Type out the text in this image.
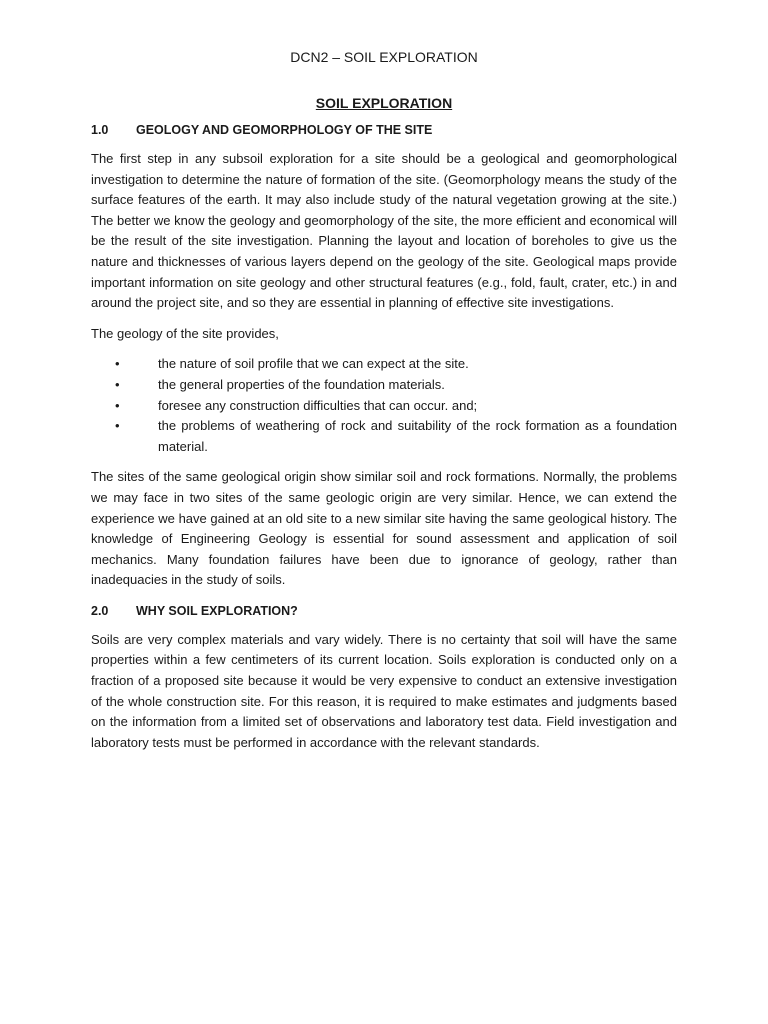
DCN2 – SOIL EXPLORATION
SOIL EXPLORATION
1.0	GEOLOGY AND GEOMORPHOLOGY OF THE SITE

The first step in any subsoil exploration for a site should be a geological and geomorphological investigation to determine the nature of formation of the site. (Geomorphology means the study of the surface features of the earth. It may also include study of the natural vegetation growing at the site.) The better we know the geology and geomorphology of the site, the more efficient and economical will be the result of the site investigation. Planning the layout and location of boreholes to give us the nature and thicknesses of various layers depend on the geology of the site. Geological maps provide important information on site geology and other structural features (e.g., fold, fault, crater, etc.) in and around the project site, and so they are essential in planning of effective site investigations.

The geology of the site provides,

•	the nature of soil profile that we can expect at the site.
•	the general properties of the foundation materials.
•	foresee any construction difficulties that can occur. and;
•	the problems of weathering of rock and suitability of the rock formation as a foundation material.

The sites of the same geological origin show similar soil and rock formations. Normally, the problems we may face in two sites of the same geologic origin are very similar. Hence, we can extend the experience we have gained at an old site to a new similar site having the same geological history. The knowledge of Engineering Geology is essential for sound assessment and application of soil mechanics. Many foundation failures have been due to ignorance of geology, rather than inadequacies in the study of soils.

2.0	WHY SOIL EXPLORATION?

Soils are very complex materials and vary widely. There is no certainty that soil will have the same properties within a few centimeters of its current location. Soils exploration is conducted only on a fraction of a proposed site because it would be very expensive to conduct an extensive investigation of the whole construction site. For this reason, it is required to make estimates and judgments based on the information from a limited set of observations and laboratory test data. Field investigation and laboratory tests must be performed in accordance with the relevant standards.
